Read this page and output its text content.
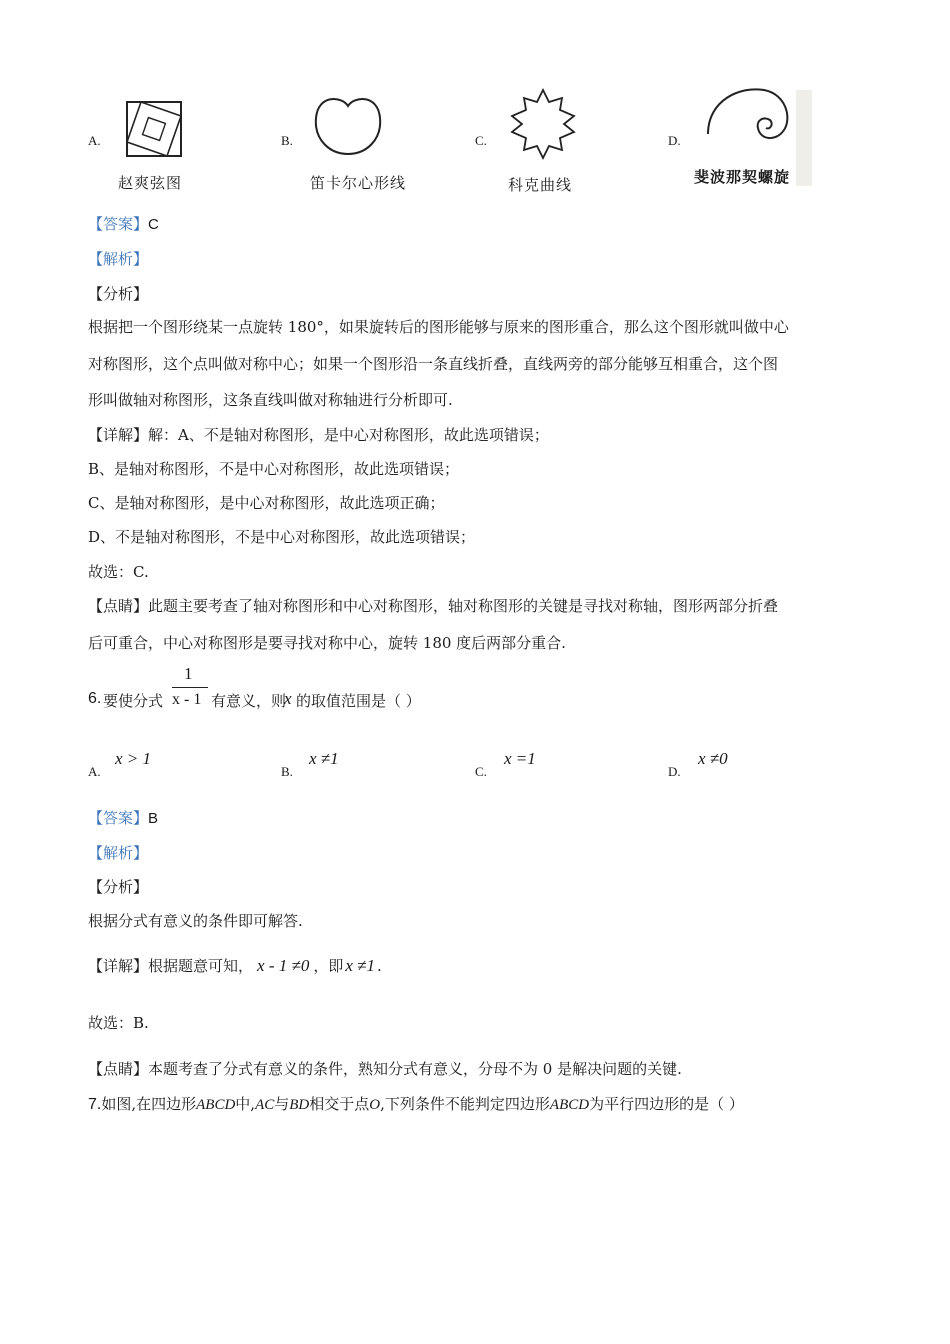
A.
赵爽弦图
B.
笛卡尔心形线
C.
科克曲线
D.
斐波那契螺旋
【答案】C
【解析】
【分析】
根据把一个图形绕某一点旋转 180°，如果旋转后的图形能够与原来的图形重合，那么这个图形就叫做中心
对称图形，这个点叫做对称中心；如果一个图形沿一条直线折叠，直线两旁的部分能够互相重合，这个图
形叫做轴对称图形，这条直线叫做对称轴进行分析即可.
【详解】解：A、不是轴对称图形，是中心对称图形，故此选项错误；
B、是轴对称图形，不是中心对称图形，故此选项错误；
C、是轴对称图形，是中心对称图形，故此选项正确；
D、不是轴对称图形，不是中心对称图形，故此选项错误；
故选：C.
【点睛】此题主要考查了轴对称图形和中心对称图形，轴对称图形的关键是寻找对称轴，图形两部分折叠
后可重合，中心对称图形是要寻找对称中心，旋转 180 度后两部分重合.
6. 要使分式
1
x - 1 有意义，则
x 的取值范围是（ ）
A.
x > 1
B.
x ≠1
C.
x =1
D.
x ≠0
【答案】B
【解析】
【分析】
根据分式有意义的条件即可解答.
【详解】根据题意可知， x - 1 ≠0 ，即 x ≠1 .
故选：B.
【点睛】本题考查了分式有意义的条件，熟知分式有意义，分母不为 0 是解决问题的关键.
7.如图,在四边形ABCD中,AC与BD相交于点O,下列条件不能判定四边形ABCD为平行四边形的是（ ）
